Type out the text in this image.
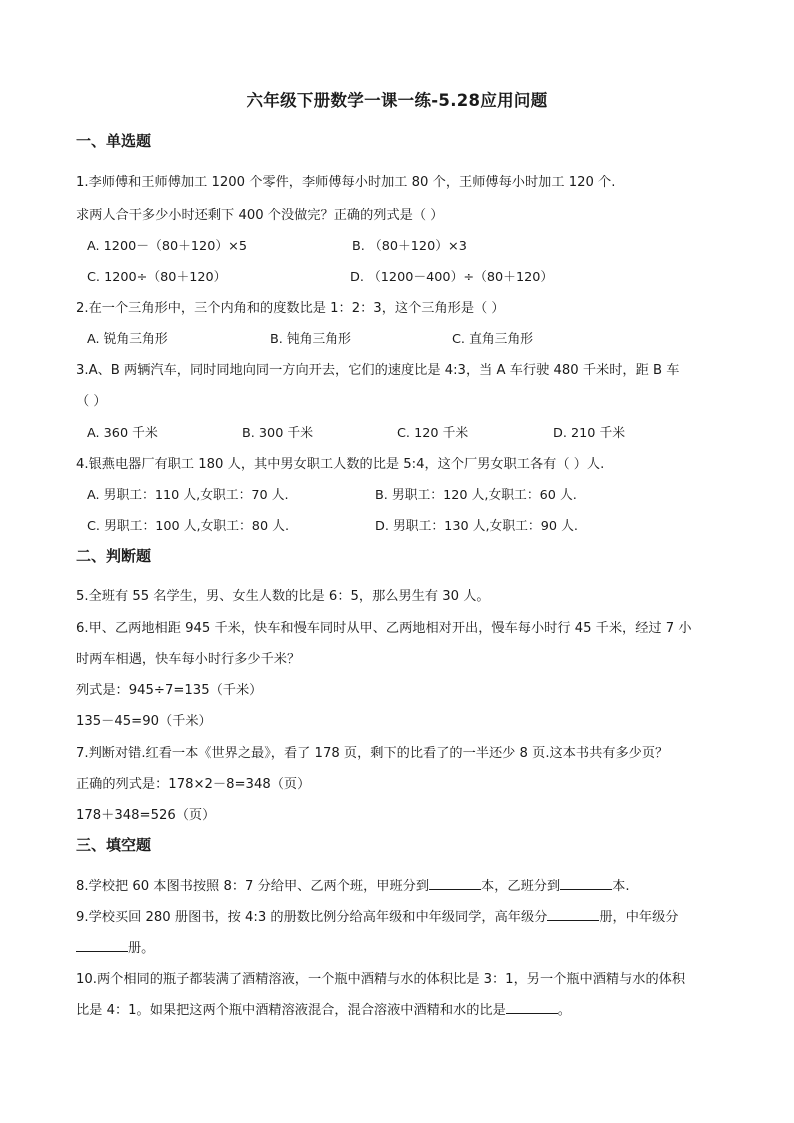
六年级下册数学一课一练-5.28应用问题
一、单选题
1.李师傅和王师傅加工 1200 个零件，李师傅每小时加工 80 个，王师傅每小时加工 120 个.
求两人合干多少小时还剩下 400 个没做完？正确的列式是（ ）
A. 1200－（80＋120）×5	B. （80＋120）×3
C. 1200÷（80＋120）	D. （1200－400）÷（80＋120）
2.在一个三角形中，三个内角和的度数比是 1：2：3，这个三角形是（ ）
A. 锐角三角形	B. 钝角三角形	C. 直角三角形
3.A、B 两辆汽车，同时同地向同一方向开去，它们的速度比是 4:3，当 A 车行驶 480 千米时，距 B 车
（ ）
A. 360 千米	B. 300 千米	C. 120 千米	D. 210 千米
4.银燕电器厂有职工 180 人，其中男女职工人数的比是 5:4，这个厂男女职工各有（ ）人.
A. 男职工：110 人,女职工：70 人.	B. 男职工：120 人,女职工：60 人.
C. 男职工：100 人,女职工：80 人.	D. 男职工：130 人,女职工：90 人.
二、判断题
5.全班有 55 名学生，男、女生人数的比是 6：5，那么男生有 30 人。
6.甲、乙两地相距 945 千米，快车和慢车同时从甲、乙两地相对开出，慢车每小时行 45 千米，经过 7 小
时两车相遇，快车每小时行多少千米？
列式是：945÷7=135（千米）
135－45=90（千米）
7.判断对错.红看一本《世界之最》，看了 178 页，剩下的比看了的一半还少 8 页.这本书共有多少页？
正确的列式是：178×2－8=348（页）
178＋348=526（页）
三、填空题
8.学校把 60 本图书按照 8：7 分给甲、乙两个班，甲班分到	本，乙班分到	本.
9.学校买回 280 册图书，按 4:3 的册数比例分给高年级和中年级同学，高年级分	册，中年级分
册。
10.两个相同的瓶子都装满了酒精溶液，一个瓶中酒精与水的体积比是 3：1，另一个瓶中酒精与水的体积
比是 4：1。如果把这两个瓶中酒精溶液混合，混合溶液中酒精和水的比是	。
